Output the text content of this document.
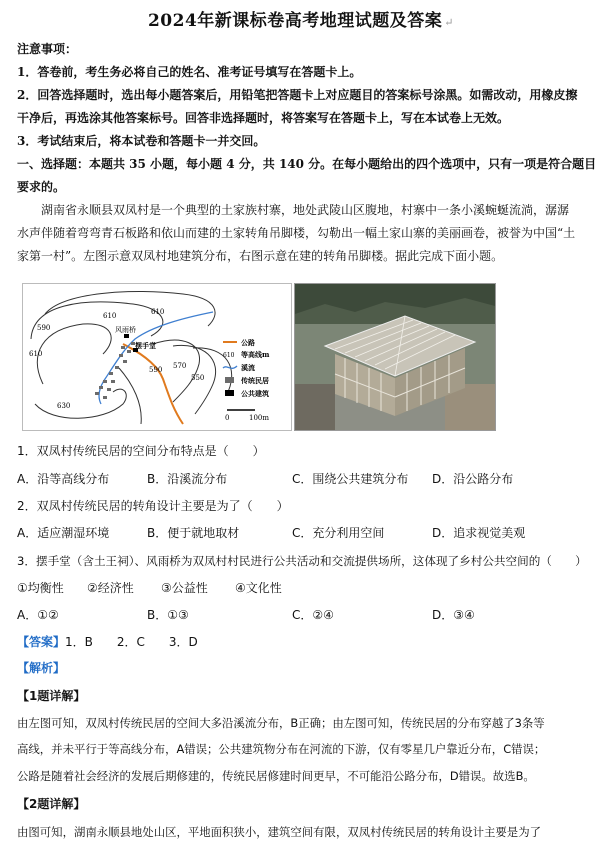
2024年新课标卷高考地理试题及答案 ↵
注意事项：
1．答卷前，考生务必将自己的姓名、准考证号填写在答题卡上。
2．回答选择题时，选出每小题答案后，用铅笔把答题卡上对应题目的答案标号涂黑。如需改动，用橡皮擦
干净后，再选涂其他答案标号。回答非选择题时，将答案写在答题卡上，写在本试卷上无效。
3．考试结束后，将本试卷和答题卡一并交回。
一、选择题：本题共 35 小题，每小题 4 分，共 140 分。在每小题给出的四个选项中，只有一项是符合题目
要求的。
湖南省永顺县双凤村是一个典型的土家族村寨，地处武陵山区腹地，村寨中一条小溪蜿蜒流淌，潺潺
水声伴随着弯弯青石板路和依山而建的土家转角吊脚楼，勾勒出一幅土家山寨的美丽画卷，被誉为中国“土
家第一村”。左图示意双凤村地建筑分布，右图示意在建的转角吊脚楼。据此完成下面小题。
610
590
610
630
590 570
550
610
风雨桥
摆手堂	公路
610 等高线m
溪流
传统民居
公共建筑
0	100m
1．双凤村传统民居的空间分布特点是（　　）
A．沿等高线分布	B．沿溪流分布	C．围绕公共建筑分布 D．沿公路分布
2．双凤村传统民居的转角设计主要是为了（　　）
A．适应潮湿环境	B．便于就地取材	C．充分利用空间	D．追求视觉美观
3．摆手堂（含土王祠）、风雨桥为双凤村村民进行公共活动和交流提供场所，这体现了乡村公共空间的（　　）
①均衡性 ②经济性 ③公益性 ④文化性
A．①②	B．①③	C．②④	D．③④
【答案】1．B　　2．C　　3．D
【解析】
【1题详解】
由左图可知，双凤村传统民居的空间大多沿溪流分布，B正确；由左图可知，传统民居的分布穿越了3条等
高线，并未平行于等高线分布，A错误；公共建筑物分布在河流的下游，仅有零星几户靠近分布，C错误；
公路是随着社会经济的发展后期修建的，传统民居修建时间更早，不可能沿公路分布，D错误。故选B。
【2题详解】
由图可知，湖南永顺县地处山区，平地面积狭小，建筑空间有限，双凤村传统民居的转角设计主要是为了
